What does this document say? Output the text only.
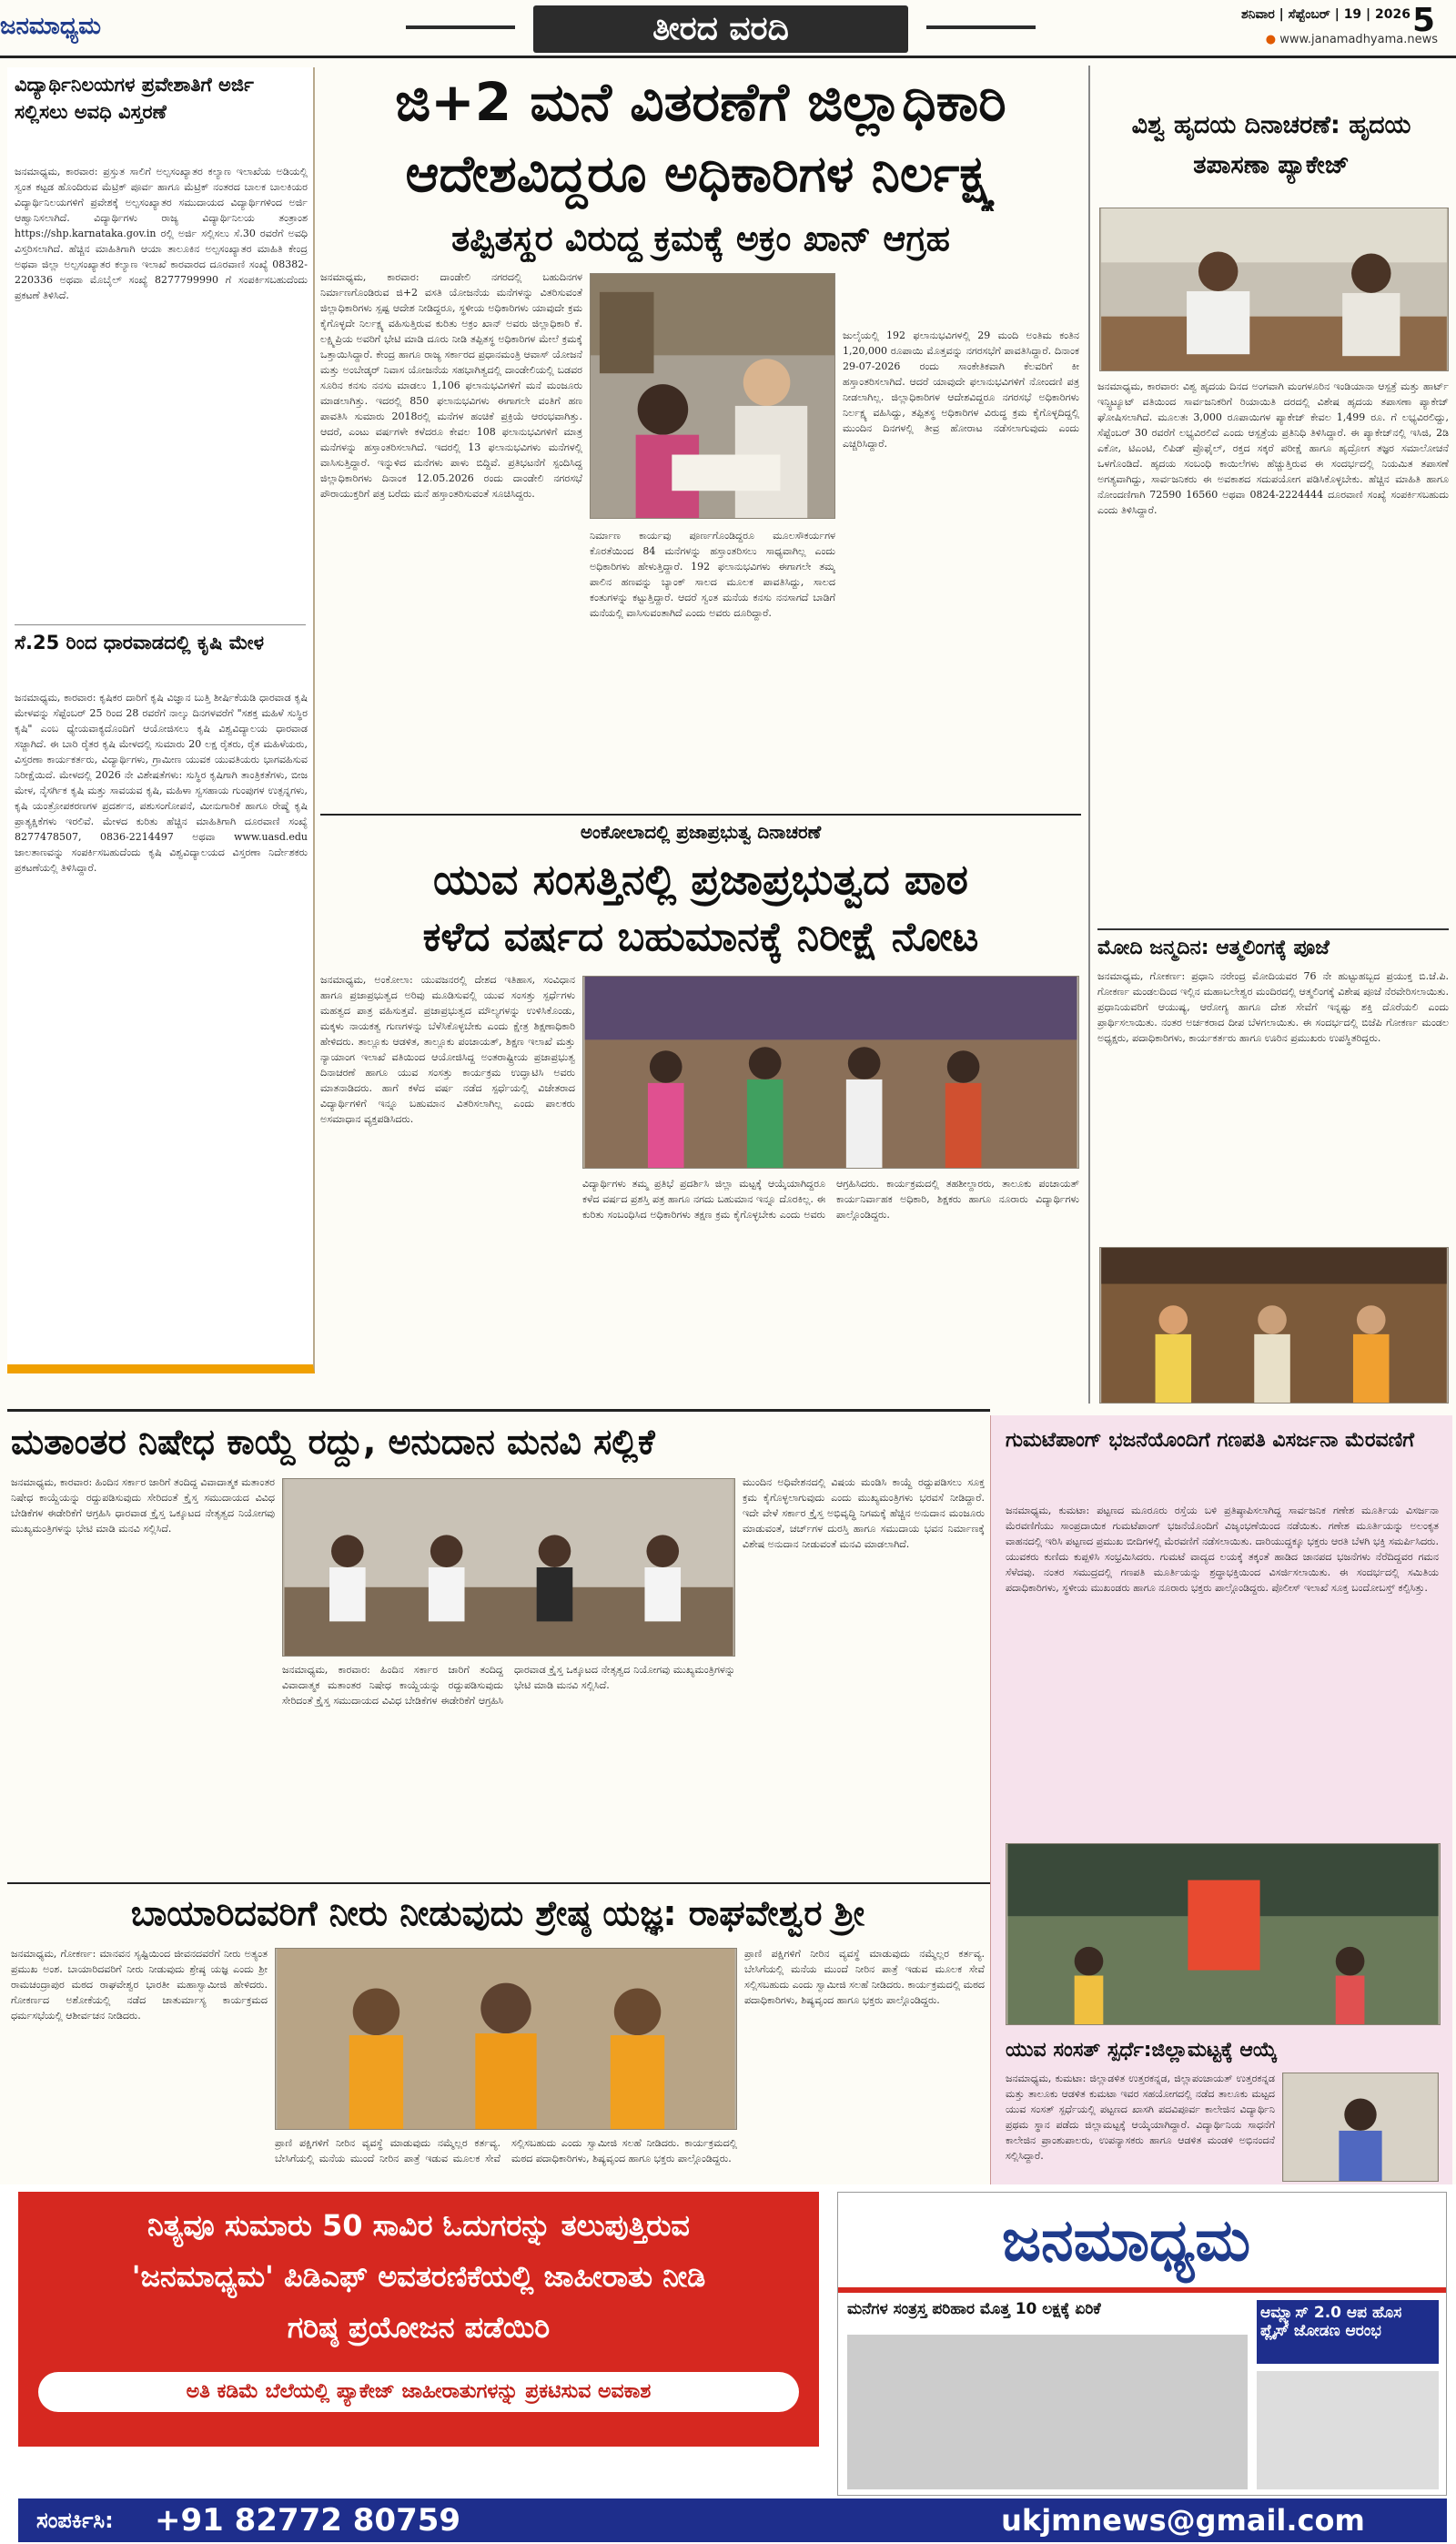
ಜನಮಾಧ್ಯಮ	ತೀರದ ವರದಿ	ಶನಿವಾರ | ಸೆಪ್ಟೆಂಬರ್ | 19 | 2026 5
● www.janamadhyama.news
ವಿದ್ಯಾರ್ಥಿನಿಲಯಗಳ ಪ್ರವೇಶಾತಿಗೆ ಅರ್ಜಿ ಸಲ್ಲಿಸಲು ಅವಧಿ ವಿಸ್ತರಣೆ
ಜನಮಾಧ್ಯಮ, ಕಾರವಾರ: ಪ್ರಸ್ತುತ ಸಾಲಿಗೆ ಅಲ್ಪಸಂಖ್ಯಾತರ ಕಲ್ಯಾಣ ಇಲಾಖೆಯ ಅಡಿಯಲ್ಲಿ ಸ್ವಂತ ಕಟ್ಟಡ ಹೊಂದಿರುವ ಮೆಟ್ರಿಕ್ ಪೂರ್ವ ಹಾಗೂ ಮೆಟ್ರಿಕ್ ನಂತರದ ಬಾಲಕ ಬಾಲಕಿಯರ ವಿದ್ಯಾರ್ಥಿನಿಲಯಗಳಿಗೆ ಪ್ರವೇಶಕ್ಕೆ ಅಲ್ಪಸಂಖ್ಯಾತರ ಸಮುದಾಯದ ವಿದ್ಯಾರ್ಥಿಗಳಿಂದ ಅರ್ಜಿ ಆಹ್ವಾನಿಸಲಾಗಿದೆ. ವಿದ್ಯಾರ್ಥಿಗಳು ರಾಜ್ಯ ವಿದ್ಯಾರ್ಥಿನಿಲಯ ತಂತ್ರಾಂಶ https://shp.karnataka.gov.in ರಲ್ಲಿ ಅರ್ಜಿ ಸಲ್ಲಿಸಲು ಸೆ.30 ರವರೆಗೆ ಅವಧಿ ವಿಸ್ತರಿಸಲಾಗಿದೆ. ಹೆಚ್ಚಿನ ಮಾಹಿತಿಗಾಗಿ ಆಯಾ ತಾಲೂಕಿನ ಅಲ್ಪಸಂಖ್ಯಾತರ ಮಾಹಿತಿ ಕೇಂದ್ರ ಅಥವಾ ಜಿಲ್ಲಾ ಅಲ್ಪಸಂಖ್ಯಾತರ ಕಲ್ಯಾಣ ಇಲಾಖೆ ಕಾರವಾರದ ದೂರವಾಣಿ ಸಂಖ್ಯೆ 08382-220336 ಅಥವಾ ಮೊಬೈಲ್ ಸಂಖ್ಯೆ 8277799990 ಗೆ ಸಂಪರ್ಕಿಸಬಹುದೆಂದು ಪ್ರಕಟಣೆ ತಿಳಿಸಿದೆ.
ಸೆ.25 ರಿಂದ ಧಾರವಾಡದಲ್ಲಿ ಕೃಷಿ ಮೇಳ
ಜನಮಾಧ್ಯಮ, ಕಾರವಾರ: ಕೃಷಿಕರ ದಾರಿಗೆ ಕೃಷಿ ವಿಜ್ಞಾನ ಬುತ್ತಿ ಶೀರ್ಷಿಕೆಯಡಿ ಧಾರವಾಡ ಕೃಷಿ ಮೇಳವನ್ನು ಸೆಪ್ಟೆಂಬರ್ 25 ರಿಂದ 28 ರವರೆಗೆ ನಾಲ್ಕು ದಿನಗಳವರೆಗೆ "ಸಶಕ್ತ ಮಹಿಳೆ ಸುಸ್ಥಿರ ಕೃಷಿ" ಎಂಬ ಧ್ಯೇಯವಾಕ್ಯದೊಂದಿಗೆ ಆಯೋಜಿಸಲು ಕೃಷಿ ವಿಶ್ವವಿದ್ಯಾಲಯ ಧಾರವಾಡ ಸಜ್ಜಾಗಿದೆ. ಈ ಬಾರಿ ರೈತರ ಕೃಷಿ ಮೇಳದಲ್ಲಿ ಸುಮಾರು 20 ಲಕ್ಷ ರೈತರು, ರೈತ ಮಹಿಳೆಯರು, ವಿಸ್ತರಣಾ ಕಾರ್ಯಕರ್ತರು, ವಿದ್ಯಾರ್ಥಿಗಳು, ಗ್ರಾಮೀಣ ಯುವಕ ಯುವತಿಯರು ಭಾಗವಹಿಸುವ ನಿರೀಕ್ಷೆಯಿದೆ. ಮೇಳದಲ್ಲಿ 2026 ನೇ ವಿಶೇಷತೆಗಳು: ಸುಸ್ಥಿರ ಕೃಷಿಗಾಗಿ ತಾಂತ್ರಿಕತೆಗಳು, ಬೀಜ ಮೇಳ, ನೈಸರ್ಗಿಕ ಕೃಷಿ ಮತ್ತು ಸಾವಯವ ಕೃಷಿ, ಮಹಿಳಾ ಸ್ವಸಹಾಯ ಗುಂಪುಗಳ ಉತ್ಪನ್ನಗಳು, ಕೃಷಿ ಯಂತ್ರೋಪಕರಣಗಳ ಪ್ರದರ್ಶನ, ಪಶುಸಂಗೋಪನೆ, ಮೀನುಗಾರಿಕೆ ಹಾಗೂ ರೇಷ್ಮೆ ಕೃಷಿ ಪ್ರಾತ್ಯಕ್ಷಿಕೆಗಳು ಇರಲಿವೆ. ಮೇಳದ ಕುರಿತು ಹೆಚ್ಚಿನ ಮಾಹಿತಿಗಾಗಿ ದೂರವಾಣಿ ಸಂಖ್ಯೆ 8277478507, 0836-2214497 ಅಥವಾ www.uasd.edu ಜಾಲತಾಣವನ್ನು ಸಂಪರ್ಕಿಸಬಹುದೆಂದು ಕೃಷಿ ವಿಶ್ವವಿದ್ಯಾಲಯದ ವಿಸ್ತರಣಾ ನಿರ್ದೇಶಕರು ಪ್ರಕಟಣೆಯಲ್ಲಿ ತಿಳಿಸಿದ್ದಾರೆ.
ಜಿ+2 ಮನೆ ವಿತರಣೆಗೆ ಜಿಲ್ಲಾಧಿಕಾರಿ
ಆದೇಶವಿದ್ದರೂ ಅಧಿಕಾರಿಗಳ ನಿರ್ಲಕ್ಷ್ಯ
ತಪ್ಪಿತಸ್ಥರ ವಿರುದ್ಧ ಕ್ರಮಕ್ಕೆ ಅಕ್ರಂ ಖಾನ್ ಆಗ್ರಹ
ಜನಮಾಧ್ಯಮ, ಕಾರವಾರ: ದಾಂಡೇಲಿ ನಗರದಲ್ಲಿ ಬಹುದಿನಗಳ ನಿರ್ಮಾಣಗೊಂಡಿರುವ ಜಿ+2 ವಸತಿ ಯೋಜನೆಯ ಮನೆಗಳನ್ನು ವಿತರಿಸುವಂತೆ ಜಿಲ್ಲಾಧಿಕಾರಿಗಳು ಸ್ಪಷ್ಟ ಆದೇಶ ನೀಡಿದ್ದರೂ, ಸ್ಥಳೀಯ ಅಧಿಕಾರಿಗಳು ಯಾವುದೇ ಕ್ರಮ ಕೈಗೊಳ್ಳದೇ ನಿರ್ಲಕ್ಷ್ಯ ವಹಿಸುತ್ತಿರುವ ಕುರಿತು ಅಕ್ರಂ ಖಾನ್ ಅವರು ಜಿಲ್ಲಾಧಿಕಾರಿ ಕೆ. ಲಕ್ಷ್ಮಿಪ್ರಿಯ ಅವರಿಗೆ ಭೇಟಿ ಮಾಡಿ ದೂರು ನೀಡಿ ತಪ್ಪಿತಸ್ಥ ಅಧಿಕಾರಿಗಳ ಮೇಲೆ ಕ್ರಮಕ್ಕೆ ಒತ್ತಾಯಿಸಿದ್ದಾರೆ. ಕೇಂದ್ರ ಹಾಗೂ ರಾಜ್ಯ ಸರ್ಕಾರದ ಪ್ರಧಾನಮಂತ್ರಿ ಆವಾಸ್ ಯೋಜನೆ ಮತ್ತು ಅಂಬೇಡ್ಕರ್ ನಿವಾಸ ಯೋಜನೆಯ ಸಹಭಾಗಿತ್ವದಲ್ಲಿ ದಾಂಡೇಲಿಯಲ್ಲಿ ಬಡವರ ಸೂರಿನ ಕನಸು ನನಸು ಮಾಡಲು 1,106 ಫಲಾನುಭವಿಗಳಿಗೆ ಮನೆ ಮಂಜೂರು ಮಾಡಲಾಗಿತ್ತು. ಇದರಲ್ಲಿ 850 ಫಲಾನುಭವಿಗಳು ಈಗಾಗಲೇ ವಂತಿಗೆ ಹಣ ಪಾವತಿಸಿ ಸುಮಾರು 2018ರಲ್ಲಿ ಮನೆಗಳ ಹಂಚಿಕೆ ಪ್ರಕ್ರಿಯೆ ಆರಂಭವಾಗಿತ್ತು. ಆದರೆ, ಎಂಟು ವರ್ಷಗಳೇ ಕಳೆದರೂ ಕೇವಲ 108 ಫಲಾನುಭವಿಗಳಿಗೆ ಮಾತ್ರ ಮನೆಗಳನ್ನು ಹಸ್ತಾಂತರಿಸಲಾಗಿದೆ. ಇದರಲ್ಲಿ 13 ಫಲಾನುಭವಿಗಳು ಮನೆಗಳಲ್ಲಿ ವಾಸಿಸುತ್ತಿದ್ದಾರೆ. ಇನ್ನುಳಿದ ಮನೆಗಳು ಪಾಳು ಬಿದ್ದಿವೆ. ಪ್ರತಿಭಟನೆಗೆ ಸ್ಪಂದಿಸಿದ್ದ ಜಿಲ್ಲಾಧಿಕಾರಿಗಳು ದಿನಾಂಕ 12.05.2026 ರಂದು ದಾಂಡೇಲಿ ನಗರಸಭೆ ಪೌರಾಯುಕ್ತರಿಗೆ ಪತ್ರ ಬರೆದು ಮನೆ ಹಸ್ತಾಂತರಿಸುವಂತೆ ಸೂಚಿಸಿದ್ದರು.
ನಿರ್ಮಾಣ ಕಾರ್ಯವು ಪೂರ್ಣಗೊಂಡಿದ್ದರೂ ಮೂಲಸೌಕರ್ಯಗಳ ಕೊರತೆಯಿಂದ 84 ಮನೆಗಳನ್ನು ಹಸ್ತಾಂತರಿಸಲು ಸಾಧ್ಯವಾಗಿಲ್ಲ ಎಂದು ಅಧಿಕಾರಿಗಳು ಹೇಳುತ್ತಿದ್ದಾರೆ. 192 ಫಲಾನುಭವಿಗಳು ಈಗಾಗಲೇ ತಮ್ಮ ಪಾಲಿನ ಹಣವನ್ನು ಬ್ಯಾಂಕ್ ಸಾಲದ ಮೂಲಕ ಪಾವತಿಸಿದ್ದು, ಸಾಲದ ಕಂತುಗಳನ್ನು ಕಟ್ಟುತ್ತಿದ್ದಾರೆ. ಆದರೆ ಸ್ವಂತ ಮನೆಯ ಕನಸು ನನಸಾಗದೆ ಬಾಡಿಗೆ ಮನೆಯಲ್ಲಿ ವಾಸಿಸುವಂತಾಗಿದೆ ಎಂದು ಅವರು ದೂರಿದ್ದಾರೆ.
ಜುಲೈಯಲ್ಲಿ 192 ಫಲಾನುಭವಿಗಳಲ್ಲಿ 29 ಮಂದಿ ಅಂತಿಮ ಕಂತಿನ 1,20,000 ರೂಪಾಯಿ ಮೊತ್ತವನ್ನು ನಗರಸಭೆಗೆ ಪಾವತಿಸಿದ್ದಾರೆ. ದಿನಾಂಕ 29-07-2026 ರಂದು ಸಾಂಕೇತಿಕವಾಗಿ ಕೆಲವರಿಗೆ ಕೀ ಹಸ್ತಾಂತರಿಸಲಾಗಿದೆ. ಆದರೆ ಯಾವುದೇ ಫಲಾನುಭವಿಗಳಿಗೆ ನೋಂದಣಿ ಪತ್ರ ನೀಡಲಾಗಿಲ್ಲ. ಜಿಲ್ಲಾಧಿಕಾರಿಗಳ ಆದೇಶವಿದ್ದರೂ ನಗರಸಭೆ ಅಧಿಕಾರಿಗಳು ನಿರ್ಲಕ್ಷ್ಯ ವಹಿಸಿದ್ದು, ತಪ್ಪಿತಸ್ಥ ಅಧಿಕಾರಿಗಳ ವಿರುದ್ಧ ಕ್ರಮ ಕೈಗೊಳ್ಳದಿದ್ದಲ್ಲಿ ಮುಂದಿನ ದಿನಗಳಲ್ಲಿ ತೀವ್ರ ಹೋರಾಟ ನಡೆಸಲಾಗುವುದು ಎಂದು ಎಚ್ಚರಿಸಿದ್ದಾರೆ.
ವಿಶ್ವ ಹೃದಯ ದಿನಾಚರಣೆ: ಹೃದಯ ತಪಾಸಣಾ ಪ್ಯಾಕೇಜ್
ಜನಮಾಧ್ಯಮ, ಕಾರವಾರ: ವಿಶ್ವ ಹೃದಯ ದಿನದ ಅಂಗವಾಗಿ ಮಂಗಳೂರಿನ ಇಂಡಿಯಾನಾ ಆಸ್ಪತ್ರೆ ಮತ್ತು ಹಾರ್ಟ್ ಇನ್ಸ್ಟಿಟ್ಯೂಟ್ ವತಿಯಿಂದ ಸಾರ್ವಜನಿಕರಿಗೆ ರಿಯಾಯಿತಿ ದರದಲ್ಲಿ ವಿಶೇಷ ಹೃದಯ ತಪಾಸಣಾ ಪ್ಯಾಕೇಜ್ ಘೋಷಿಸಲಾಗಿದೆ. ಮೂಲತಃ 3,000 ರೂಪಾಯಿಗಳ ಪ್ಯಾಕೇಜ್ ಕೇವಲ 1,499 ರೂ. ಗೆ ಲಭ್ಯವಿರಲಿದ್ದು, ಸೆಪ್ಟೆಂಬರ್ 30 ರವರೆಗೆ ಲಭ್ಯವಿರಲಿದೆ ಎಂದು ಆಸ್ಪತ್ರೆಯ ಪ್ರತಿನಿಧಿ ತಿಳಿಸಿದ್ದಾರೆ. ಈ ಪ್ಯಾಕೇಜ್‌ನಲ್ಲಿ ಇಸಿಜಿ, 2ಡಿ ಎಕೋ, ಟಿಎಂಟಿ, ಲಿಪಿಡ್ ಪ್ರೊಫೈಲ್, ರಕ್ತದ ಸಕ್ಕರೆ ಪರೀಕ್ಷೆ ಹಾಗೂ ಹೃದ್ರೋಗ ತಜ್ಞರ ಸಮಾಲೋಚನೆ ಒಳಗೊಂಡಿದೆ. ಹೃದಯ ಸಂಬಂಧಿ ಕಾಯಿಲೆಗಳು ಹೆಚ್ಚುತ್ತಿರುವ ಈ ಸಂದರ್ಭದಲ್ಲಿ ನಿಯಮಿತ ತಪಾಸಣೆ ಅಗತ್ಯವಾಗಿದ್ದು, ಸಾರ್ವಜನಿಕರು ಈ ಅವಕಾಶದ ಸದುಪಯೋಗ ಪಡಿಸಿಕೊಳ್ಳಬೇಕು. ಹೆಚ್ಚಿನ ಮಾಹಿತಿ ಹಾಗೂ ನೋಂದಣಿಗಾಗಿ 72590 16560 ಅಥವಾ 0824-2224444 ದೂರವಾಣಿ ಸಂಖ್ಯೆ ಸಂಪರ್ಕಿಸಬಹುದು ಎಂದು ತಿಳಿಸಿದ್ದಾರೆ.
ಮೋದಿ ಜನ್ಮದಿನ: ಆತ್ಮಲಿಂಗಕ್ಕೆ ಪೂಜೆ
ಜನಮಾಧ್ಯಮ, ಗೋಕರ್ಣ: ಪ್ರಧಾನಿ ನರೇಂದ್ರ ಮೋದಿಯವರ 76 ನೇ ಹುಟ್ಟುಹಬ್ಬದ ಪ್ರಯುಕ್ತ ಬಿ.ಜೆ.ಪಿ. ಗೋಕರ್ಣ ಮಂಡಲದಿಂದ ಇಲ್ಲಿನ ಮಹಾಬಲೇಶ್ವರ ಮಂದಿರದಲ್ಲಿ ಆತ್ಮಲಿಂಗಕ್ಕೆ ವಿಶೇಷ ಪೂಜೆ ನೆರವೇರಿಸಲಾಯಿತು. ಪ್ರಧಾನಿಯವರಿಗೆ ಆಯುಷ್ಯ, ಆರೋಗ್ಯ ಹಾಗೂ ದೇಶ ಸೇವೆಗೆ ಇನ್ನಷ್ಟು ಶಕ್ತಿ ದೊರೆಯಲಿ ಎಂದು ಪ್ರಾರ್ಥಿಸಲಾಯಿತು. ನಂತರ ಅರ್ಚಕರಾದ ದೀಪ ಬೆಳಗಲಾಯಿತು. ಈ ಸಂದರ್ಭದಲ್ಲಿ ಬಿಜೆಪಿ ಗೋಕರ್ಣ ಮಂಡಲ ಅಧ್ಯಕ್ಷರು, ಪದಾಧಿಕಾರಿಗಳು, ಕಾರ್ಯಕರ್ತರು ಹಾಗೂ ಊರಿನ ಪ್ರಮುಖರು ಉಪಸ್ಥಿತರಿದ್ದರು.
ಅಂಕೋಲಾದಲ್ಲಿ ಪ್ರಜಾಪ್ರಭುತ್ವ ದಿನಾಚರಣೆ
ಯುವ ಸಂಸತ್ತಿನಲ್ಲಿ ಪ್ರಜಾಪ್ರಭುತ್ವದ ಪಾಠ
ಕಳೆದ ವರ್ಷದ ಬಹುಮಾನಕ್ಕೆ ನಿರೀಕ್ಷೆ ನೋಟ
ಜನಮಾಧ್ಯಮ, ಅಂಕೋಲಾ: ಯುವಜನರಲ್ಲಿ ದೇಶದ ಇತಿಹಾಸ, ಸಂವಿಧಾನ ಹಾಗೂ ಪ್ರಜಾಪ್ರಭುತ್ವದ ಅರಿವು ಮೂಡಿಸುವಲ್ಲಿ ಯುವ ಸಂಸತ್ತು ಸ್ಪರ್ಧೆಗಳು ಮಹತ್ವದ ಪಾತ್ರ ವಹಿಸುತ್ತವೆ. ಪ್ರಜಾಪ್ರಭುತ್ವದ ಮೌಲ್ಯಗಳನ್ನು ಉಳಿಸಿಕೊಂಡು, ಮಕ್ಕಳು ನಾಯಕತ್ವ ಗುಣಗಳನ್ನು ಬೆಳೆಸಿಕೊಳ್ಳಬೇಕು ಎಂದು ಕ್ಷೇತ್ರ ಶಿಕ್ಷಣಾಧಿಕಾರಿ ಹೇಳಿದರು. ತಾಲ್ಲೂಕು ಆಡಳಿತ, ತಾಲ್ಲೂಕು ಪಂಚಾಯತ್, ಶಿಕ್ಷಣ ಇಲಾಖೆ ಮತ್ತು ನ್ಯಾಯಾಂಗ ಇಲಾಖೆ ವತಿಯಿಂದ ಆಯೋಜಿಸಿದ್ದ ಅಂತರಾಷ್ಟ್ರೀಯ ಪ್ರಜಾಪ್ರಭುತ್ವ ದಿನಾಚರಣೆ ಹಾಗೂ ಯುವ ಸಂಸತ್ತು ಕಾರ್ಯಕ್ರಮ ಉದ್ಘಾಟಿಸಿ ಅವರು ಮಾತನಾಡಿದರು. ಹಾಗೆ ಕಳೆದ ವರ್ಷ ನಡೆದ ಸ್ಪರ್ಧೆಯಲ್ಲಿ ವಿಜೇತರಾದ ವಿದ್ಯಾರ್ಥಿಗಳಿಗೆ ಇನ್ನೂ ಬಹುಮಾನ ವಿತರಿಸಲಾಗಿಲ್ಲ ಎಂದು ಪಾಲಕರು ಅಸಮಾಧಾನ ವ್ಯಕ್ತಪಡಿಸಿದರು.
ವಿದ್ಯಾರ್ಥಿಗಳು ತಮ್ಮ ಪ್ರತಿಭೆ ಪ್ರದರ್ಶಿಸಿ ಜಿಲ್ಲಾ ಮಟ್ಟಕ್ಕೆ ಆಯ್ಕೆಯಾಗಿದ್ದರೂ ಕಳೆದ ವರ್ಷದ ಪ್ರಶಸ್ತಿ ಪತ್ರ ಹಾಗೂ ನಗದು ಬಹುಮಾನ ಇನ್ನೂ ದೊರಕಿಲ್ಲ. ಈ ಕುರಿತು ಸಂಬಂಧಿಸಿದ ಅಧಿಕಾರಿಗಳು ತಕ್ಷಣ ಕ್ರಮ ಕೈಗೊಳ್ಳಬೇಕು ಎಂದು ಅವರು ಆಗ್ರಹಿಸಿದರು. ಕಾರ್ಯಕ್ರಮದಲ್ಲಿ ತಹಶೀಲ್ದಾರರು, ತಾಲೂಕು ಪಂಚಾಯತ್ ಕಾರ್ಯನಿರ್ವಾಹಕ ಅಧಿಕಾರಿ, ಶಿಕ್ಷಕರು ಹಾಗೂ ನೂರಾರು ವಿದ್ಯಾರ್ಥಿಗಳು ಪಾಲ್ಗೊಂಡಿದ್ದರು.
ಮತಾಂತರ ನಿಷೇಧ ಕಾಯ್ದೆ ರದ್ದು, ಅನುದಾನ ಮನವಿ ಸಲ್ಲಿಕೆ
ಜನಮಾಧ್ಯಮ, ಕಾರವಾರ: ಹಿಂದಿನ ಸರ್ಕಾರ ಜಾರಿಗೆ ತಂದಿದ್ದ ವಿವಾದಾತ್ಮಕ ಮತಾಂತರ ನಿಷೇಧ ಕಾಯ್ದೆಯನ್ನು ರದ್ದುಪಡಿಸುವುದು ಸೇರಿದಂತೆ ಕ್ರೈಸ್ತ ಸಮುದಾಯದ ವಿವಿಧ ಬೇಡಿಕೆಗಳ ಈಡೇರಿಕೆಗೆ ಆಗ್ರಹಿಸಿ ಧಾರವಾಡ ಕ್ರೈಸ್ತ ಒಕ್ಕೂಟದ ನೇತೃತ್ವದ ನಿಯೋಗವು ಮುಖ್ಯಮಂತ್ರಿಗಳನ್ನು ಭೇಟಿ ಮಾಡಿ ಮನವಿ ಸಲ್ಲಿಸಿದೆ.
ಜನಮಾಧ್ಯಮ, ಕಾರವಾರ: ಹಿಂದಿನ ಸರ್ಕಾರ ಜಾರಿಗೆ ತಂದಿದ್ದ ವಿವಾದಾತ್ಮಕ ಮತಾಂತರ ನಿಷೇಧ ಕಾಯ್ದೆಯನ್ನು ರದ್ದುಪಡಿಸುವುದು ಸೇರಿದಂತೆ ಕ್ರೈಸ್ತ ಸಮುದಾಯದ ವಿವಿಧ ಬೇಡಿಕೆಗಳ ಈಡೇರಿಕೆಗೆ ಆಗ್ರಹಿಸಿ ಧಾರವಾಡ ಕ್ರೈಸ್ತ ಒಕ್ಕೂಟದ ನೇತೃತ್ವದ ನಿಯೋಗವು ಮುಖ್ಯಮಂತ್ರಿಗಳನ್ನು ಭೇಟಿ ಮಾಡಿ ಮನವಿ ಸಲ್ಲಿಸಿದೆ.
ಮುಂದಿನ ಅಧಿವೇಶನದಲ್ಲಿ ವಿಷಯ ಮಂಡಿಸಿ ಕಾಯ್ದೆ ರದ್ದುಪಡಿಸಲು ಸೂಕ್ತ ಕ್ರಮ ಕೈಗೊಳ್ಳಲಾಗುವುದು ಎಂದು ಮುಖ್ಯಮಂತ್ರಿಗಳು ಭರವಸೆ ನೀಡಿದ್ದಾರೆ. ಇದೇ ವೇಳೆ ಸರ್ಕಾರ ಕ್ರೈಸ್ತ ಅಭಿವೃದ್ಧಿ ನಿಗಮಕ್ಕೆ ಹೆಚ್ಚಿನ ಅನುದಾನ ಮಂಜೂರು ಮಾಡುವಂತೆ, ಚರ್ಚ್‌ಗಳ ದುರಸ್ತಿ ಹಾಗೂ ಸಮುದಾಯ ಭವನ ನಿರ್ಮಾಣಕ್ಕೆ ವಿಶೇಷ ಅನುದಾನ ನೀಡುವಂತೆ ಮನವಿ ಮಾಡಲಾಗಿದೆ.
ಬಾಯಾರಿದವರಿಗೆ ನೀರು ನೀಡುವುದು ಶ್ರೇಷ್ಠ ಯಜ್ಞ: ರಾಘವೇಶ್ವರ ಶ್ರೀ
ಜನಮಾಧ್ಯಮ, ಗೋಕರ್ಣ: ಮಾನವನ ಸೃಷ್ಟಿಯಿಂದ ಜೀವನದವರೆಗೆ ನೀರು ಅತ್ಯಂತ ಪ್ರಮುಖ ಅಂಶ. ಬಾಯಾರಿದವರಿಗೆ ನೀರು ನೀಡುವುದು ಶ್ರೇಷ್ಠ ಯಜ್ಞ ಎಂದು ಶ್ರೀ ರಾಮಚಂದ್ರಾಪುರ ಮಠದ ರಾಘವೇಶ್ವರ ಭಾರತೀ ಮಹಾಸ್ವಾಮೀಜಿ ಹೇಳಿದರು. ಗೋಕರ್ಣದ ಅಶೋಕೆಯಲ್ಲಿ ನಡೆದ ಚಾತುರ್ಮಾಸ್ಯ ಕಾರ್ಯಕ್ರಮದ ಧರ್ಮಸಭೆಯಲ್ಲಿ ಆಶೀರ್ವಚನ ನೀಡಿದರು.
ಪ್ರಾಣಿ ಪಕ್ಷಿಗಳಿಗೆ ನೀರಿನ ವ್ಯವಸ್ಥೆ ಮಾಡುವುದು ನಮ್ಮೆಲ್ಲರ ಕರ್ತವ್ಯ. ಬೇಸಿಗೆಯಲ್ಲಿ ಮನೆಯ ಮುಂದೆ ನೀರಿನ ಪಾತ್ರೆ ಇಡುವ ಮೂಲಕ ಸೇವೆ ಸಲ್ಲಿಸಬಹುದು ಎಂದು ಸ್ವಾಮೀಜಿ ಸಲಹೆ ನೀಡಿದರು. ಕಾರ್ಯಕ್ರಮದಲ್ಲಿ ಮಠದ ಪದಾಧಿಕಾರಿಗಳು, ಶಿಷ್ಯವೃಂದ ಹಾಗೂ ಭಕ್ತರು ಪಾಲ್ಗೊಂಡಿದ್ದರು.
ಪ್ರಾಣಿ ಪಕ್ಷಿಗಳಿಗೆ ನೀರಿನ ವ್ಯವಸ್ಥೆ ಮಾಡುವುದು ನಮ್ಮೆಲ್ಲರ ಕರ್ತವ್ಯ. ಬೇಸಿಗೆಯಲ್ಲಿ ಮನೆಯ ಮುಂದೆ ನೀರಿನ ಪಾತ್ರೆ ಇಡುವ ಮೂಲಕ ಸೇವೆ ಸಲ್ಲಿಸಬಹುದು ಎಂದು ಸ್ವಾಮೀಜಿ ಸಲಹೆ ನೀಡಿದರು. ಕಾರ್ಯಕ್ರಮದಲ್ಲಿ ಮಠದ ಪದಾಧಿಕಾರಿಗಳು, ಶಿಷ್ಯವೃಂದ ಹಾಗೂ ಭಕ್ತರು ಪಾಲ್ಗೊಂಡಿದ್ದರು.
ಗುಮಟೆಪಾಂಗ್ ಭಜನೆಯೊಂದಿಗೆ ಗಣಪತಿ ವಿಸರ್ಜನಾ ಮೆರವಣಿಗೆ
ಜನಮಾಧ್ಯಮ, ಕುಮಟಾ: ಪಟ್ಟಣದ ಮೂರೂರು ರಸ್ತೆಯ ಬಳಿ ಪ್ರತಿಷ್ಠಾಪಿಸಲಾಗಿದ್ದ ಸಾರ್ವಜನಿಕ ಗಣೇಶ ಮೂರ್ತಿಯ ವಿಸರ್ಜನಾ ಮೆರವಣಿಗೆಯು ಸಾಂಪ್ರದಾಯಿಕ ಗುಮಟೆಪಾಂಗ್ ಭಜನೆಯೊಂದಿಗೆ ವಿಜೃಂಭಣೆಯಿಂದ ನಡೆಯಿತು. ಗಣೇಶ ಮೂರ್ತಿಯನ್ನು ಅಲಂಕೃತ ವಾಹನದಲ್ಲಿ ಇರಿಸಿ ಪಟ್ಟಣದ ಪ್ರಮುಖ ಬೀದಿಗಳಲ್ಲಿ ಮೆರವಣಿಗೆ ನಡೆಸಲಾಯಿತು. ದಾರಿಯುದ್ದಕ್ಕೂ ಭಕ್ತರು ಆರತಿ ಬೆಳಗಿ ಭಕ್ತಿ ಸಮರ್ಪಿಸಿದರು. ಯುವಕರು ಕುಣಿದು ಕುಪ್ಪಳಿಸಿ ಸಂಭ್ರಮಿಸಿದರು. ಗುಮಟೆ ವಾದ್ಯದ ಲಯಕ್ಕೆ ತಕ್ಕಂತೆ ಹಾಡಿದ ಜಾನಪದ ಭಜನೆಗಳು ನೆರೆದಿದ್ದವರ ಗಮನ ಸೆಳೆದವು. ನಂತರ ಸಮುದ್ರದಲ್ಲಿ ಗಣಪತಿ ಮೂರ್ತಿಯನ್ನು ಶ್ರದ್ಧಾಭಕ್ತಿಯಿಂದ ವಿಸರ್ಜಿಸಲಾಯಿತು. ಈ ಸಂದರ್ಭದಲ್ಲಿ ಸಮಿತಿಯ ಪದಾಧಿಕಾರಿಗಳು, ಸ್ಥಳೀಯ ಮುಖಂಡರು ಹಾಗೂ ನೂರಾರು ಭಕ್ತರು ಪಾಲ್ಗೊಂಡಿದ್ದರು. ಪೊಲೀಸ್ ಇಲಾಖೆ ಸೂಕ್ತ ಬಂದೋಬಸ್ತ್ ಕಲ್ಪಿಸಿತ್ತು.
ಯುವ ಸಂಸತ್ ಸ್ಪರ್ಧೆ:ಜಿಲ್ಲಾಮಟ್ಟಕ್ಕೆ ಆಯ್ಕೆ
ಜನಮಾಧ್ಯಮ, ಕುಮಟಾ: ಜಿಲ್ಲಾಡಳಿತ ಉತ್ತರಕನ್ನಡ, ಜಿಲ್ಲಾಪಂಚಾಯತ್ ಉತ್ತರಕನ್ನಡ ಮತ್ತು ತಾಲೂಕು ಆಡಳಿತ ಕುಮಟಾ ಇವರ ಸಹಯೋಗದಲ್ಲಿ ನಡೆದ ತಾಲೂಕು ಮಟ್ಟದ ಯುವ ಸಂಸತ್ ಸ್ಪರ್ಧೆಯಲ್ಲಿ ಪಟ್ಟಣದ ಖಾಸಗಿ ಪದವಿಪೂರ್ವ ಕಾಲೇಜಿನ ವಿದ್ಯಾರ್ಥಿನಿ ಪ್ರಥಮ ಸ್ಥಾನ ಪಡೆದು ಜಿಲ್ಲಾಮಟ್ಟಕ್ಕೆ ಆಯ್ಕೆಯಾಗಿದ್ದಾರೆ. ವಿದ್ಯಾರ್ಥಿನಿಯ ಸಾಧನೆಗೆ ಕಾಲೇಜಿನ ಪ್ರಾಂಶುಪಾಲರು, ಉಪನ್ಯಾಸಕರು ಹಾಗೂ ಆಡಳಿತ ಮಂಡಳಿ ಅಭಿನಂದನೆ ಸಲ್ಲಿಸಿದ್ದಾರೆ.
ನಿತ್ಯವೂ ಸುಮಾರು 50 ಸಾವಿರ ಓದುಗರನ್ನು ತಲುಪುತ್ತಿರುವ
'ಜನಮಾಧ್ಯಮ' ಪಿಡಿಎಫ್ ಅವತರಣಿಕೆಯಲ್ಲಿ ಜಾಹೀರಾತು ನೀಡಿ
ಗರಿಷ್ಠ ಪ್ರಯೋಜನ ಪಡೆಯಿರಿ
ಅತಿ ಕಡಿಮೆ ಬೆಲೆಯಲ್ಲಿ ಪ್ಯಾಕೇಜ್ ಜಾಹೀರಾತುಗಳನ್ನು ಪ್ರಕಟಿಸುವ ಅವಕಾಶ
ಸಂಪರ್ಕಿಸಿ:	+91 82772 80759	ukjmnews@gmail.com
ಜನಮಾಧ್ಯಮ
ಮನೆಗಳ ಸಂತ್ರಸ್ತ ಪರಿಹಾರ ಮೊತ್ತ 10 ಲಕ್ಷಕ್ಕೆ ಏರಿಕೆ	ಆಮ್ಲ್ಯಾಸ್ 2.0 ಆಪ ಹೊಸ ಪ್ಲೈಸ್ ಜೋಡಣ ಆರಂಭ
